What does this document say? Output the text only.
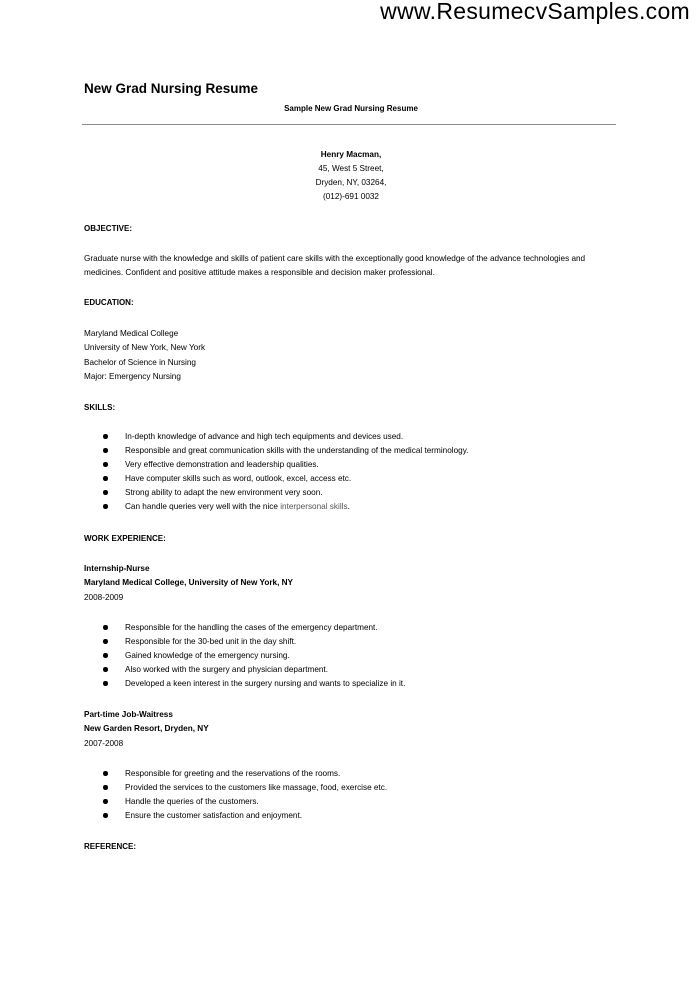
www.ResumecvSamples.com
New Grad Nursing Resume
Sample New Grad Nursing Resume
Henry Macman,
45, West 5 Street,
Dryden, NY, 03264,
(012)-691 0032
OBJECTIVE:
Graduate nurse with the knowledge and skills of patient care skills with the exceptionally good knowledge of the advance technologies and medicines. Confident and positive attitude makes a responsible and decision maker professional.
EDUCATION:
Maryland Medical College
University of New York, New York
Bachelor of Science in Nursing
Major: Emergency Nursing
SKILLS:
In-depth knowledge of advance and high tech equipments and devices used.
Responsible and great communication skills with the understanding of the medical terminology.
Very effective demonstration and leadership qualities.
Have computer skills such as word, outlook, excel, access etc.
Strong ability to adapt the new environment very soon.
Can handle queries very well with the nice interpersonal skills.
WORK EXPERIENCE:
Internship-Nurse
Maryland Medical College, University of New York, NY
2008-2009
Responsible for the handling the cases of the emergency department.
Responsible for the 30-bed unit in the day shift.
Gained knowledge of the emergency nursing.
Also worked with the surgery and physician department.
Developed a keen interest in the surgery nursing and wants to specialize in it.
Part-time Job-Waitress
New Garden Resort, Dryden, NY
2007-2008
Responsible for greeting and the reservations of the rooms.
Provided the services to the customers like massage, food, exercise etc.
Handle the queries of the customers.
Ensure the customer satisfaction and enjoyment.
REFERENCE:
